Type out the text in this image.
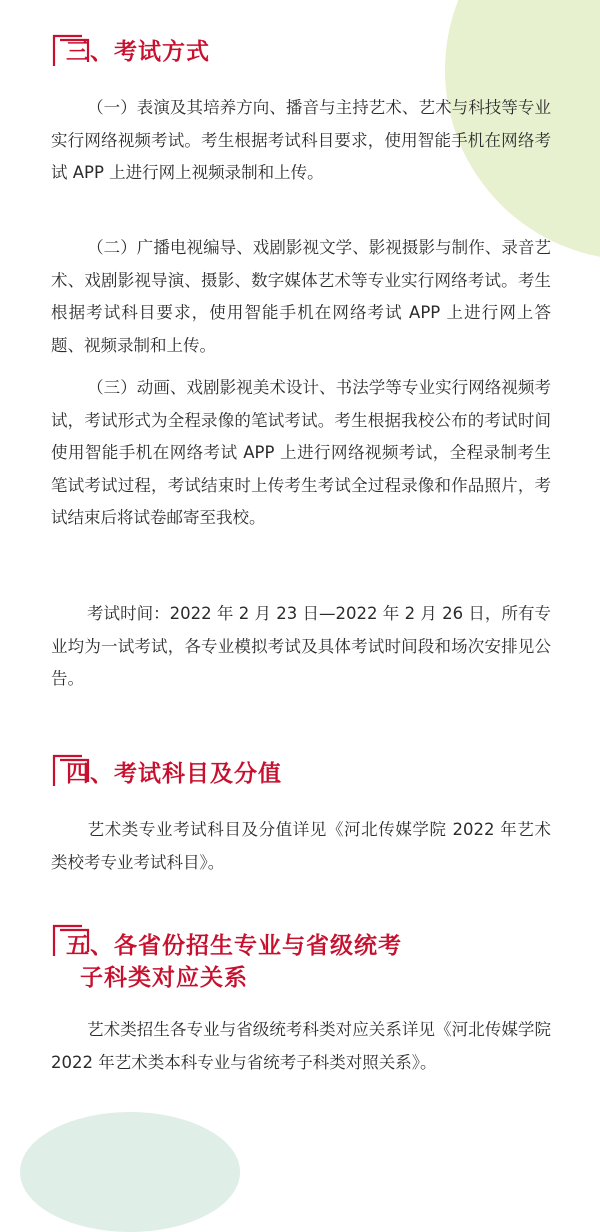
三、考试方式

（一）表演及其培养方向、播音与主持艺术、艺术与科技等专业实行网络视频考试。考生根据考试科目要求，使用智能手机在网络考试 APP 上进行网上视频录制和上传。

（二）广播电视编导、戏剧影视文学、影视摄影与制作、录音艺术、戏剧影视导演、摄影、数字媒体艺术等专业实行网络考试。考生根据考试科目要求，使用智能手机在网络考试 APP 上进行网上答题、视频录制和上传。

（三）动画、戏剧影视美术设计、书法学等专业实行网络视频考试，考试形式为全程录像的笔试考试。考生根据我校公布的考试时间使用智能手机在网络考试 APP 上进行网络视频考试，全程录制考生笔试考试过程，考试结束时上传考生考试全过程录像和作品照片，考试结束后将试卷邮寄至我校。

考试时间：2022 年 2 月 23 日—2022 年 2 月 26 日，所有专业均为一试考试，各专业模拟考试及具体考试时间段和场次安排见公告。

四、考试科目及分值

艺术类专业考试科目及分值详见《河北传媒学院 2022 年艺术类校考专业考试科目》。

五、各省份招生专业与省级统考
子科类对应关系

艺术类招生各专业与省级统考科类对应关系详见《河北传媒学院 2022 年艺术类本科专业与省统考子科类对照关系》。
